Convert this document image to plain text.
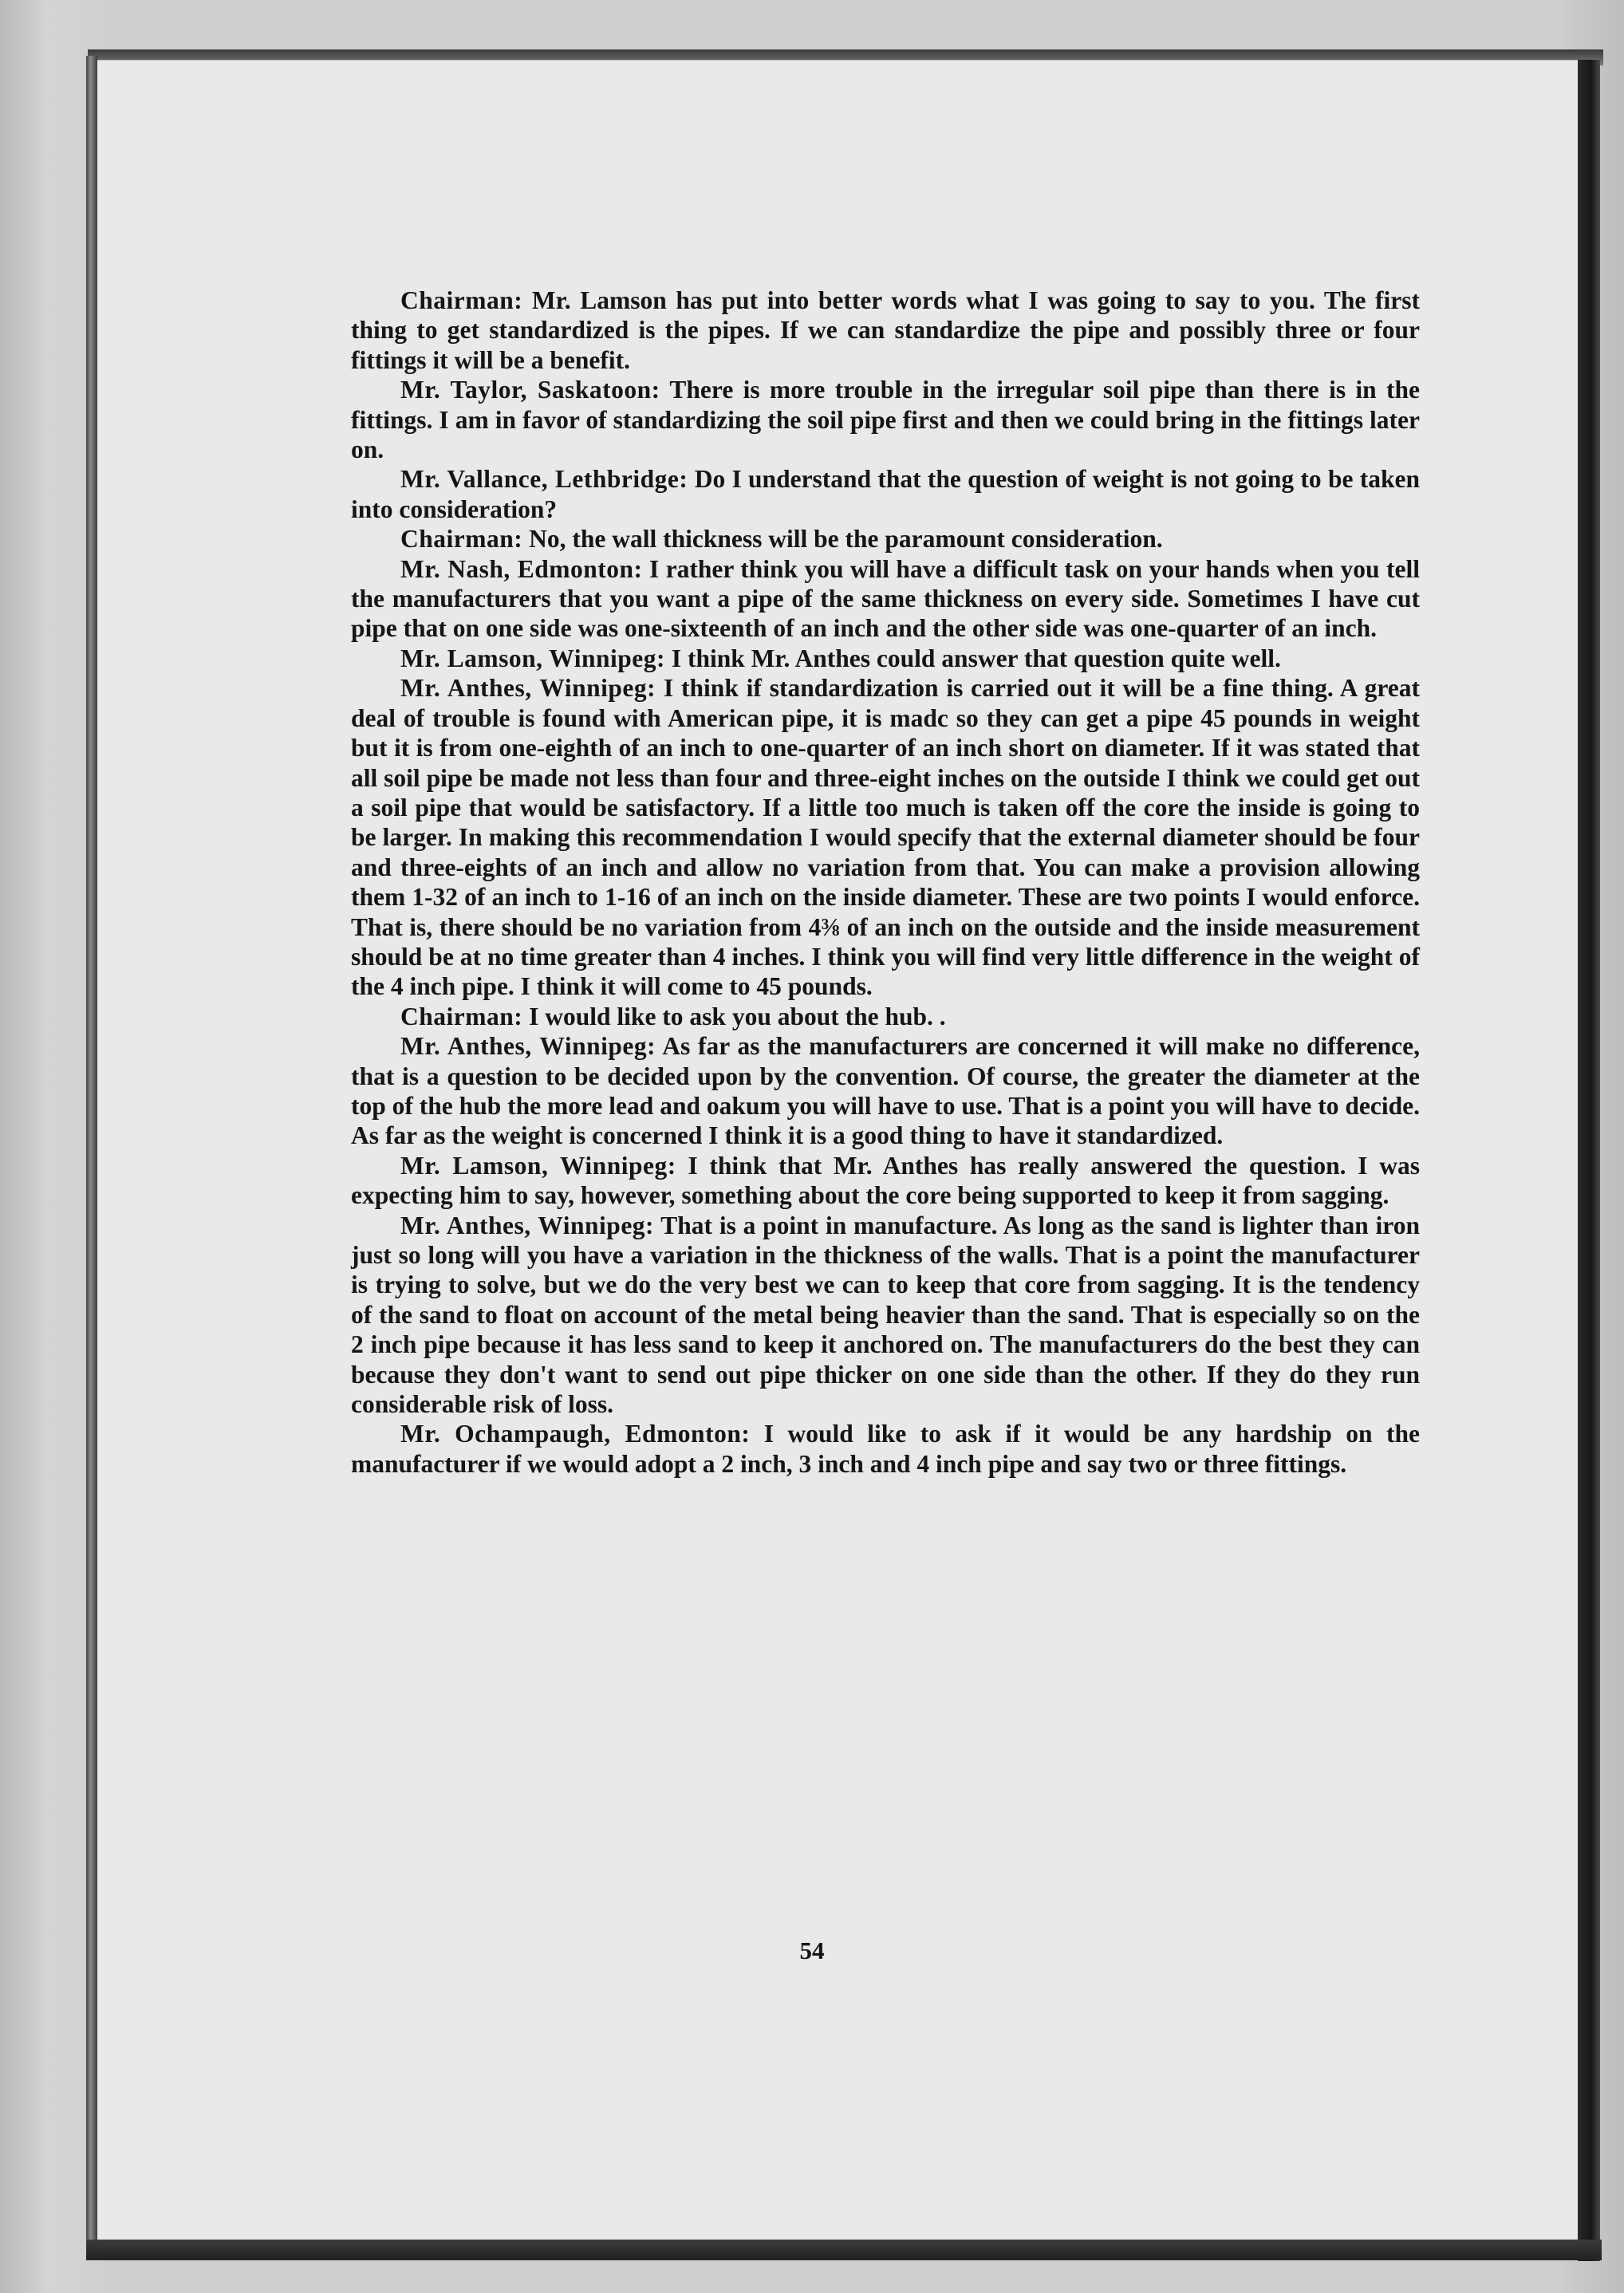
Chairman: Mr. Lamson has put into better words what I was going to say to you. The first thing to get standardized is the pipes. If we can standardize the pipe and possibly three or four fittings it will be a benefit.

Mr. Taylor, Saskatoon: There is more trouble in the irregular soil pipe than there is in the fittings. I am in favor of standardizing the soil pipe first and then we could bring in the fittings later on.

Mr. Vallance, Lethbridge: Do I understand that the question of weight is not going to be taken into consideration?

Chairman: No, the wall thickness will be the paramount consideration.

Mr. Nash, Edmonton: I rather think you will have a difficult task on your hands when you tell the manufacturers that you want a pipe of the same thickness on every side. Sometimes I have cut pipe that on one side was one-sixteenth of an inch and the other side was one-quarter of an inch.

Mr. Lamson, Winnipeg: I think Mr. Anthes could answer that question quite well.

Mr. Anthes, Winnipeg: I think if standardization is carried out it will be a fine thing. A great deal of trouble is found with American pipe, it is madc so they can get a pipe 45 pounds in weight but it is from one-eighth of an inch to one-quarter of an inch short on diameter. If it was stated that all soil pipe be made not less than four and three-eight inches on the outside I think we could get out a soil pipe that would be satisfactory. If a little too much is taken off the core the inside is going to be larger. In making this recommendation I would specify that the external diameter should be four and three-eights of an inch and allow no variation from that. You can make a provision allowing them 1-32 of an inch to 1-16 of an inch on the inside diameter. These are two points I would enforce. That is, there should be no variation from 4⅜ of an inch on the outside and the inside measurement should be at no time greater than 4 inches. I think you will find very little difference in the weight of the 4 inch pipe. I think it will come to 45 pounds.

Chairman: I would like to ask you about the hub. .

Mr. Anthes, Winnipeg: As far as the manufacturers are concerned it will make no difference, that is a question to be decided upon by the convention. Of course, the greater the diameter at the top of the hub the more lead and oakum you will have to use. That is a point you will have to decide. As far as the weight is concerned I think it is a good thing to have it standardized.

Mr. Lamson, Winnipeg: I think that Mr. Anthes has really answered the question. I was expecting him to say, however, something about the core being supported to keep it from sagging.

Mr. Anthes, Winnipeg: That is a point in manufacture. As long as the sand is lighter than iron just so long will you have a variation in the thickness of the walls. That is a point the manufacturer is trying to solve, but we do the very best we can to keep that core from sagging. It is the tendency of the sand to float on account of the metal being heavier than the sand. That is especially so on the 2 inch pipe because it has less sand to keep it anchored on. The manufacturers do the best they can because they don't want to send out pipe thicker on one side than the other. If they do they run considerable risk of loss.

Mr. Ochampaugh, Edmonton: I would like to ask if it would be any hardship on the manufacturer if we would adopt a 2 inch, 3 inch and 4 inch pipe and say two or three fittings.

54
